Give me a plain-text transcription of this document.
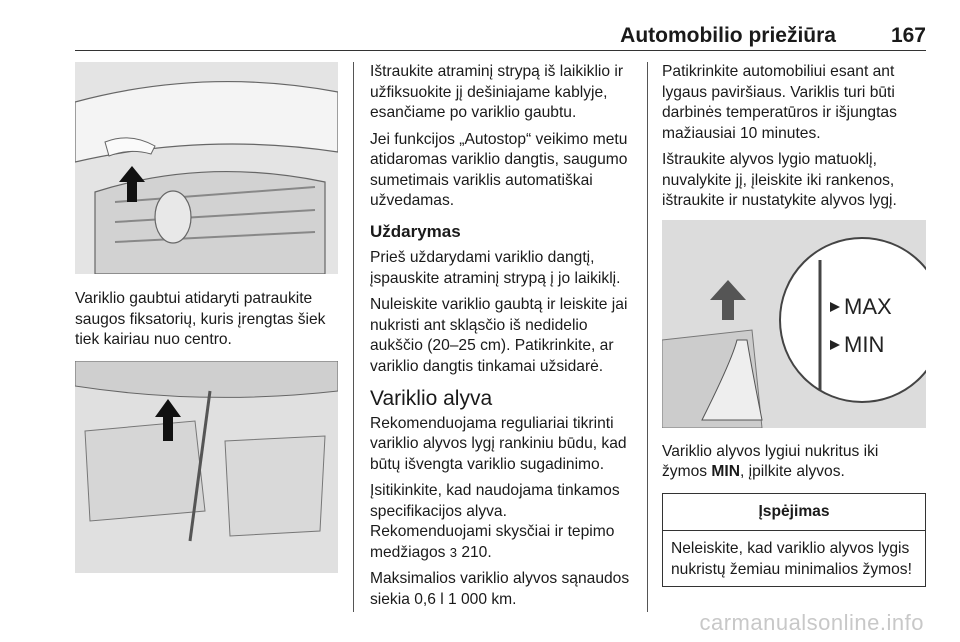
Automobilio priežiūra	167

Variklio gaubtui atidaryti patraukite saugos fiksatorių, kuris įrengtas šiek tiek kairiau nuo centro.

Ištraukite atraminį strypą iš laikiklio ir užfiksuokite jį dešiniajame kablyje, esančiame po variklio gaubtu.

Jei funkcijos „Autostop“ veikimo metu atidaromas variklio dangtis, saugumo sumetimais variklis automatiškai užvedamas.

Uždarymas

Prieš uždarydami variklio dangtį, įspauskite atraminį strypą į jo laikiklį.

Nuleiskite variklio gaubtą ir leiskite jai nukristi ant skląsčio iš nedidelio aukščio (20–25 cm). Patikrinkite, ar variklio dangtis tinkamai užsidarė.

Variklio alyva

Rekomenduojama reguliariai tikrinti variklio alyvos lygį rankiniu būdu, kad būtų išvengta variklio sugadinimo.

Įsitikinkite, kad naudojama tinkamos specifikacijos alyva.

Rekomenduojami skysčiai ir tepimo medžiagos 3 210.

Maksimalios variklio alyvos sąnaudos siekia 0,6 l 1 000 km.

Patikrinkite automobiliui esant ant lygaus paviršiaus. Variklis turi būti darbinės temperatūros ir išjungtas mažiausiai 10 minutes.

Ištraukite alyvos lygio matuoklį, nuvalykite jį, įleiskite iki rankenos, ištraukite ir nustatykite alyvos lygį.

MAX
MIN

Variklio alyvos lygiui nukritus iki žymos MIN, įpilkite alyvos.

Įspėjimas
Neleiskite, kad variklio alyvos lygis nukristų žemiau minimalios žymos!
carmanualsonline.info
